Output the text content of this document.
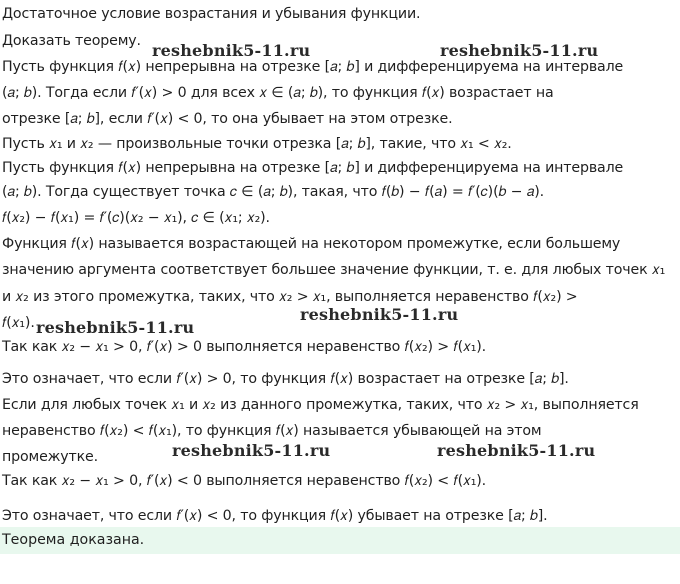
Достаточное условие возрастания и убывания функции.
Доказать теорему.
Пусть функция 𝑓(𝑥) непрерывна на отрезке [𝑎; 𝑏] и дифференцируема на интервале
(𝑎; 𝑏). Тогда если 𝑓′(𝑥) > 0 для всех 𝑥 ∈ (𝑎; 𝑏), то функция 𝑓(𝑥) возрастает на
отрезке [𝑎; 𝑏], если 𝑓′(𝑥) < 0, то она убывает на этом отрезке.
Пусть 𝑥₁ и 𝑥₂ — произвольные точки отрезка [𝑎; 𝑏], такие, что 𝑥₁ < 𝑥₂.
Пусть функция 𝑓(𝑥) непрерывна на отрезке [𝑎; 𝑏] и дифференцируема на интервале
(𝑎; 𝑏). Тогда существует точка 𝑐 ∈ (𝑎; 𝑏), такая, что 𝑓(𝑏) − 𝑓(𝑎) = 𝑓′(𝑐)(𝑏 − 𝑎).
𝑓(𝑥₂) − 𝑓(𝑥₁) = 𝑓′(𝑐)(𝑥₂ − 𝑥₁), 𝑐 ∈ (𝑥₁; 𝑥₂).
Функция 𝑓(𝑥) называется возрастающей на некотором промежутке, если большему
значению аргумента соответствует большее значение функции, т. е. для любых точек 𝑥₁
и 𝑥₂ из этого промежутка, таких, что 𝑥₂ > 𝑥₁, выполняется неравенство 𝑓(𝑥₂) >
𝑓(𝑥₁).
Так как 𝑥₂ − 𝑥₁ > 0, 𝑓′(𝑥) > 0 выполняется неравенство 𝑓(𝑥₂) > 𝑓(𝑥₁).
Это означает, что если 𝑓′(𝑥) > 0, то функция 𝑓(𝑥) возрастает на отрезке [𝑎; 𝑏].
Если для любых точек 𝑥₁ и 𝑥₂ из данного промежутка, таких, что 𝑥₂ > 𝑥₁, выполняется
неравенство 𝑓(𝑥₂) < 𝑓(𝑥₁), то функция 𝑓(𝑥) называется убывающей на этом
промежутке.
Так как 𝑥₂ − 𝑥₁ > 0, 𝑓′(𝑥) < 0 выполняется неравенство 𝑓(𝑥₂) < 𝑓(𝑥₁).
Это означает, что если 𝑓′(𝑥) < 0, то функция 𝑓(𝑥) убывает на отрезке [𝑎; 𝑏].
Теорема доказана.
reshebnik5-11.ru	reshebnik5-11.ru
reshebnik5-11.ru
reshebnik5-11.ru
reshebnik5-11.ru	reshebnik5-11.ru
